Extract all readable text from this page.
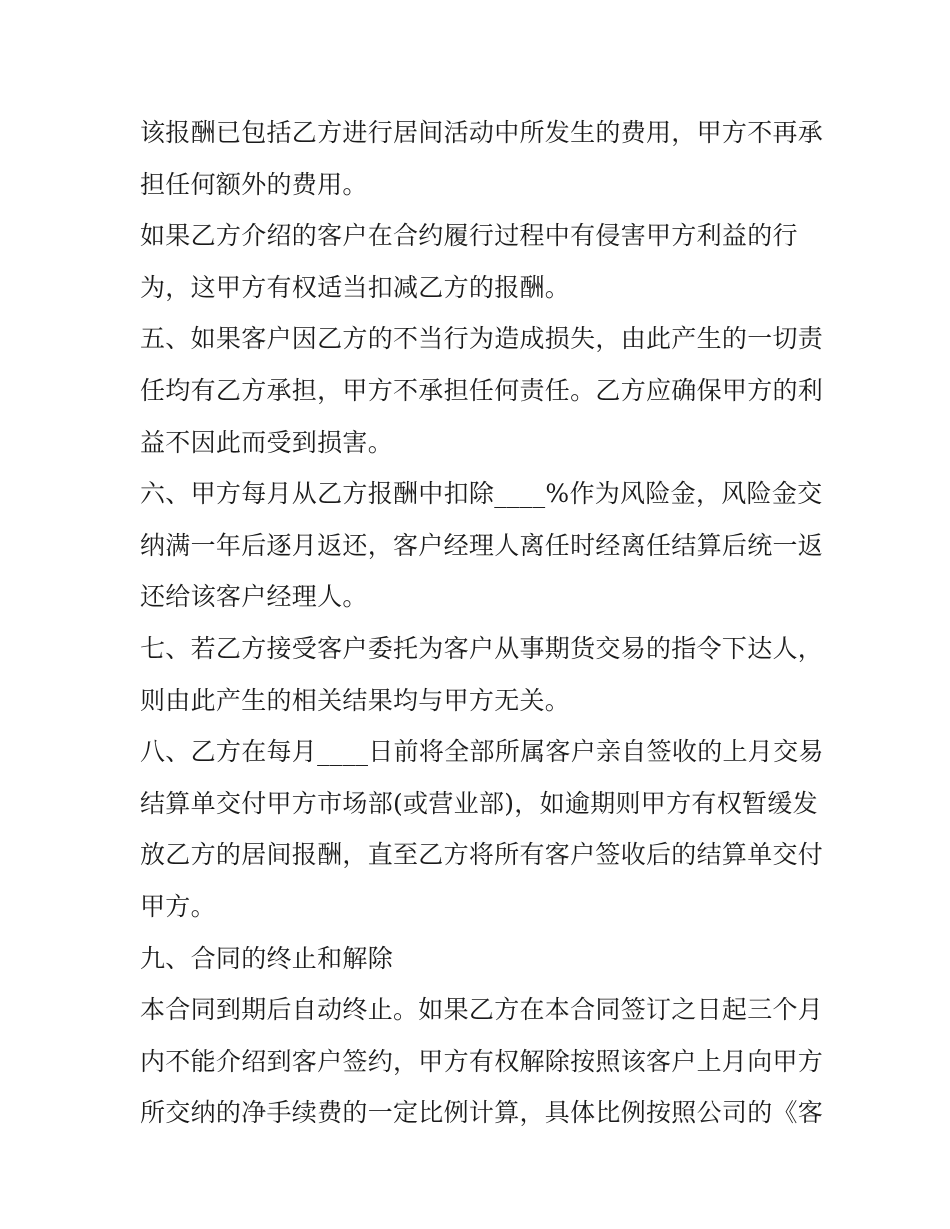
该报酬已包括乙方进行居间活动中所发生的费用，甲方不再承
担任何额外的费用。
如果乙方介绍的客户在合约履行过程中有侵害甲方利益的行
为，这甲方有权适当扣减乙方的报酬。
五、如果客户因乙方的不当行为造成损失，由此产生的一切责
任均有乙方承担，甲方不承担任何责任。乙方应确保甲方的利
益不因此而受到损害。
六、甲方每月从乙方报酬中扣除____%作为风险金，风险金交
纳满一年后逐月返还，客户经理人离任时经离任结算后统一返
还给该客户经理人。
七、若乙方接受客户委托为客户从事期货交易的指令下达人，
则由此产生的相关结果均与甲方无关。
八、乙方在每月____日前将全部所属客户亲自签收的上月交易
结算单交付甲方市场部(或营业部)，如逾期则甲方有权暂缓发
放乙方的居间报酬，直至乙方将所有客户签收后的结算单交付
甲方。
九、合同的终止和解除
本合同到期后自动终止。如果乙方在本合同签订之日起三个月
内不能介绍到客户签约，甲方有权解除按照该客户上月向甲方
所交纳的净手续费的一定比例计算，具体比例按照公司的《客
